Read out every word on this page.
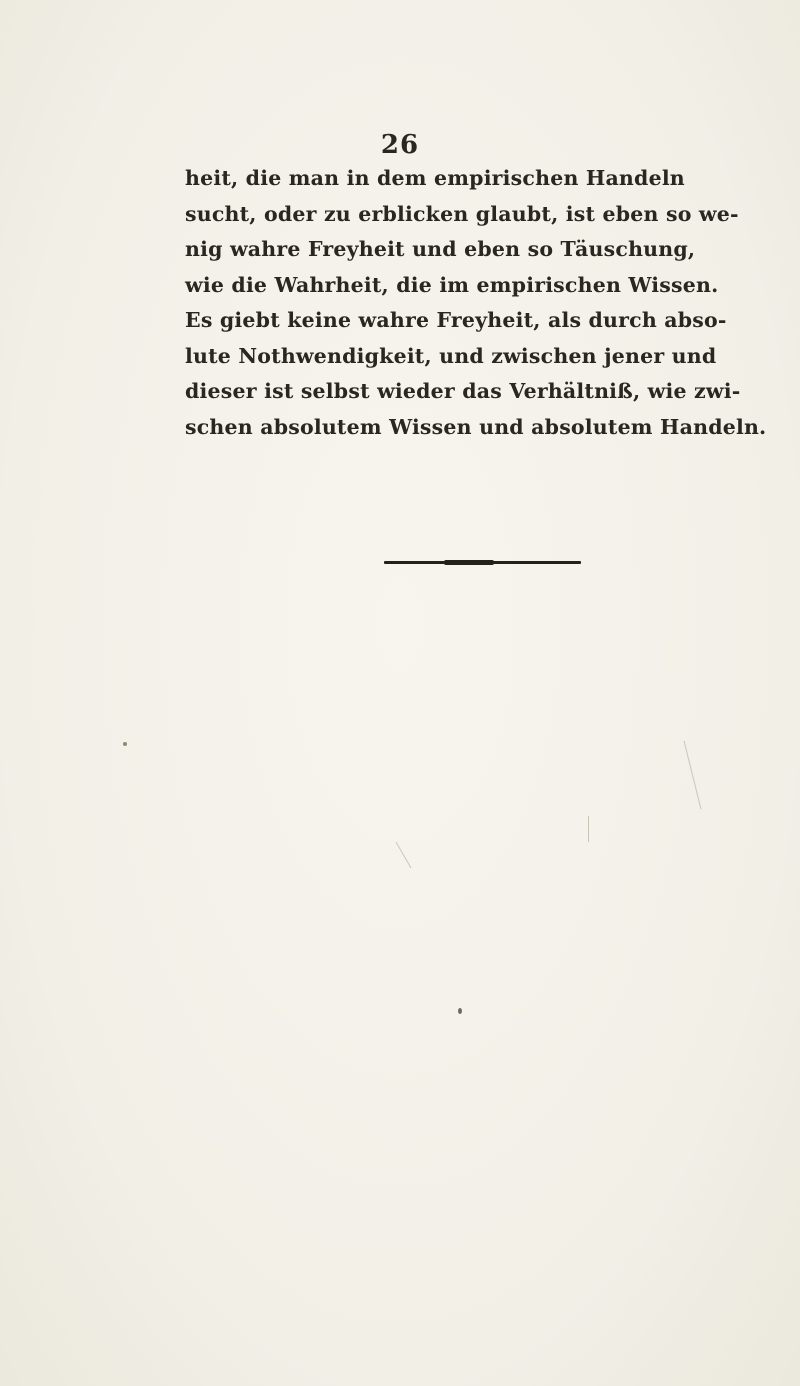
26
heit, die man in dem empirischen Handeln
sucht, oder zu erblicken glaubt, ist eben so we-
nig wahre Freyheit und eben so Täuschung,
wie die Wahrheit, die im empirischen Wissen.
Es giebt keine wahre Freyheit, als durch abso-
lute Nothwendigkeit, und zwischen jener und
dieser ist selbst wieder das Verhältniß, wie zwi-
schen absolutem Wissen und absolutem Handeln.
